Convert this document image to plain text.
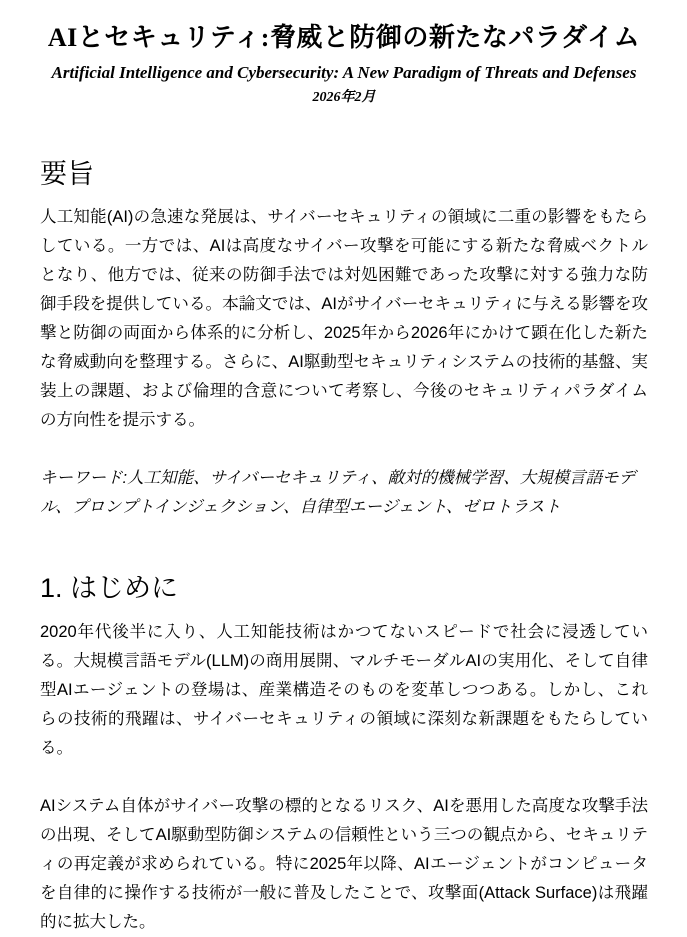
AIとセキュリティ:脅威と防御の新たなパラダイム

Artificial Intelligence and Cybersecurity: A New Paradigm of Threats and Defenses

2026年2月

要旨

人工知能(AI)の急速な発展は、サイバーセキュリティの領域に二重の影響をもたらしている。一方では、AIは高度なサイバー攻撃を可能にする新たな脅威ベクトルとなり、他方では、従来の防御手法では対処困難であった攻撃に対する強力な防御手段を提供している。本論文では、AIがサイバーセキュリティに与える影響を攻撃と防御の両面から体系的に分析し、2025年から2026年にかけて顕在化した新たな脅威動向を整理する。さらに、AI駆動型セキュリティシステムの技術的基盤、実装上の課題、および倫理的含意について考察し、今後のセキュリティパラダイムの方向性を提示する。

キーワード:人工知能、サイバーセキュリティ、敵対的機械学習、大規模言語モデル、プロンプトインジェクション、自律型エージェント、ゼロトラスト

1. はじめに

2020年代後半に入り、人工知能技術はかつてないスピードで社会に浸透している。大規模言語モデル(LLM)の商用展開、マルチモーダルAIの実用化、そして自律型AIエージェントの登場は、産業構造そのものを変革しつつある。しかし、これらの技術的飛躍は、サイバーセキュリティの領域に深刻な新課題をもたらしている。

AIシステム自体がサイバー攻撃の標的となるリスク、AIを悪用した高度な攻撃手法の出現、そしてAI駆動型防御システムの信頼性という三つの観点から、セキュリティの再定義が求められている。特に2025年以降、AIエージェントがコンピュータを自律的に操作する技術が一般に普及したことで、攻撃面(Attack Surface)は飛躍的に拡大した。
